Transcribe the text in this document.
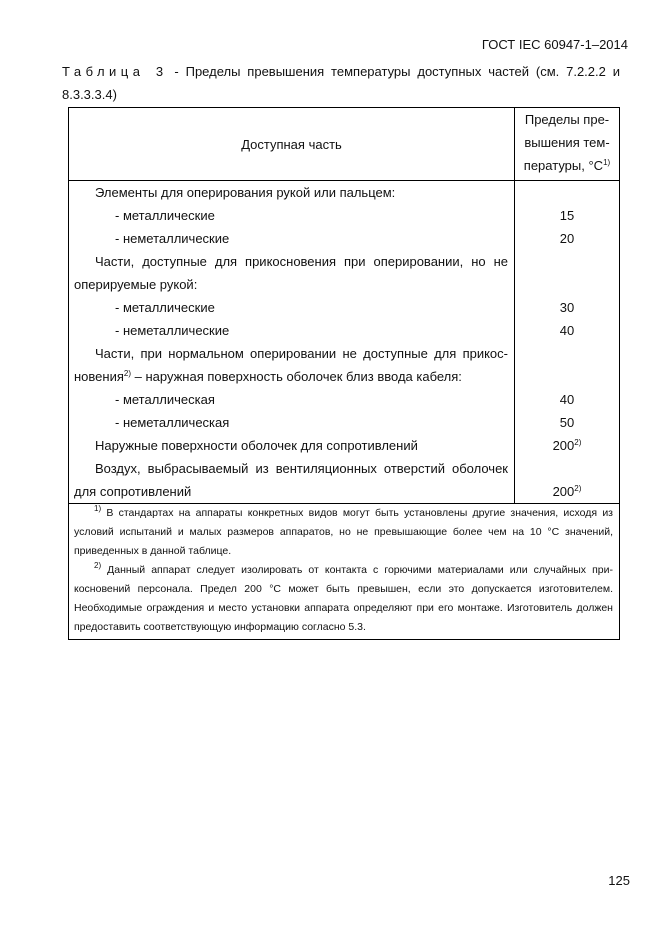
ГОСТ IEC 60947-1–2014
Таблица 3 - Пределы превышения температуры доступных частей (см. 7.2.2.2 и 8.3.3.3.4)
Доступная часть	Пределы пре-вышения тем-пературы, $^\circ С^{1)}$
Элементы для оперирования рукой или пальцем:	
- металлические	15
- неметаллические	20
Части, доступные для прикосновения при оперировании, но не	
оперируемые рукой:	
- металлические	30
- неметаллические	40
Части, при нормальном оперировании не доступные для прикос-	
новения$^{2)}$ – наружная поверхность оболочек близ ввода кабеля:	
- металлическая	40
- неметаллическая	50
Наружные поверхности оболочек для сопротивлений	200$^{2)}$
Воздух, выбрасываемый из вентиляционных отверстий оболочек	
для сопротивлений	200$^{2)}$

$^{1)}$ В стандартах на аппараты конкретных видов могут быть установлены другие значения, исходя из условий испытаний и малых размеров аппаратов, но не превышающие более чем на 10 °С значений, приведенных в данной таблице.

$^{2)}$ Данный аппарат следует изолировать от контакта с горючими материалами или случайных при-косновений персонала. Предел 200 °С может быть превышен, если это допускается изготовителем. Необходимые ограждения и место установки аппарата определяют при его монтаже. Изготовитель должен предоставить соответствующую информацию согласно 5.3.	

125
